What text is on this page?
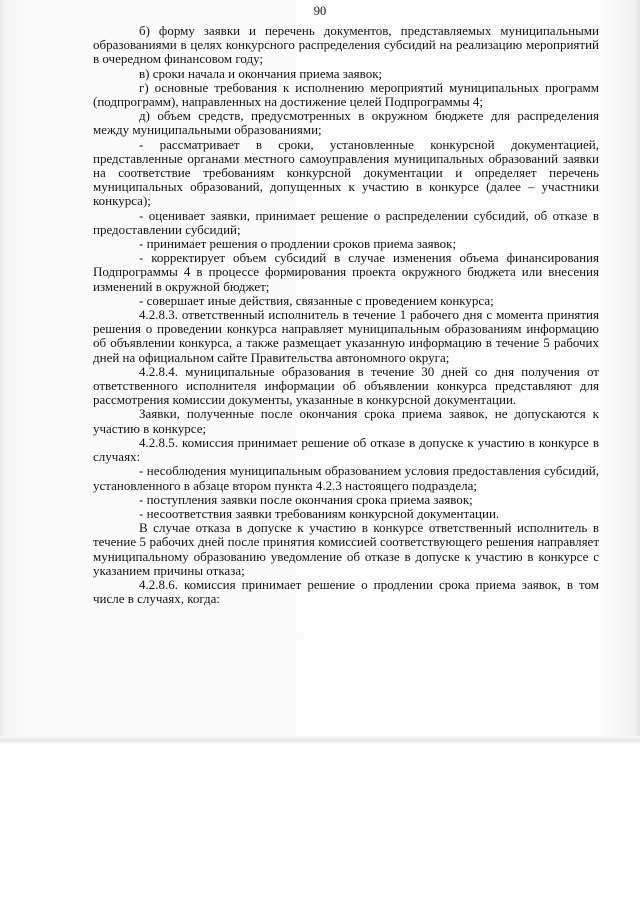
90

б) форму заявки и перечень документов, представляемых муниципальными образованиями в целях конкурсного распределения субсидий на реализацию мероприятий в очередном финансовом году;

в) сроки начала и окончания приема заявок;

г) основные требования к исполнению мероприятий муниципальных программ (подпрограмм), направленных на достижение целей Подпрограммы 4;

д) объем средств, предусмотренных в окружном бюджете для распределения между муниципальными образованиями;

- рассматривает в сроки, установленные конкурсной документацией, представленные органами местного самоуправления муниципальных образований заявки на соответствие требованиям конкурсной документации и определяет перечень муниципальных образований, допущенных к участию в конкурсе (далее – участники конкурса);

- оценивает заявки, принимает решение о распределении субсидий, об отказе в предоставлении субсидий;

- принимает решения о продлении сроков приема заявок;

- корректирует объем субсидий в случае изменения объема финансирования Подпрограммы 4 в процессе формирования проекта окружного бюджета или внесения изменений в окружной бюджет;

- совершает иные действия, связанные с проведением конкурса;

4.2.8.3. ответственный исполнитель в течение 1 рабочего дня с момента принятия решения о проведении конкурса направляет муниципальным образованиям информацию об объявлении конкурса, а также размещает указанную информацию в течение 5 рабочих дней на официальном сайте Правительства автономного округа;

4.2.8.4. муниципальные образования в течение 30 дней со дня получения от ответственного исполнителя информации об объявлении конкурса представляют для рассмотрения комиссии документы, указанные в конкурсной документации.

Заявки, полученные после окончания срока приема заявок, не допускаются к участию в конкурсе;

4.2.8.5. комиссия принимает решение об отказе в допуске к участию в конкурсе в случаях:

- несоблюдения муниципальным образованием условия предоставления субсидий, установленного в абзаце втором пункта 4.2.3 настоящего подраздела;

- поступления заявки после окончания срока приема заявок;

- несоответствия заявки требованиям конкурсной документации.

В случае отказа в допуске к участию в конкурсе ответственный исполнитель в течение 5 рабочих дней после принятия комиссией соответствующего решения направляет муниципальному образованию уведомление об отказе в допуске к участию в конкурсе с указанием причины отказа;

4.2.8.6. комиссия принимает решение о продлении срока приема заявок, в том числе в случаях, когда:
